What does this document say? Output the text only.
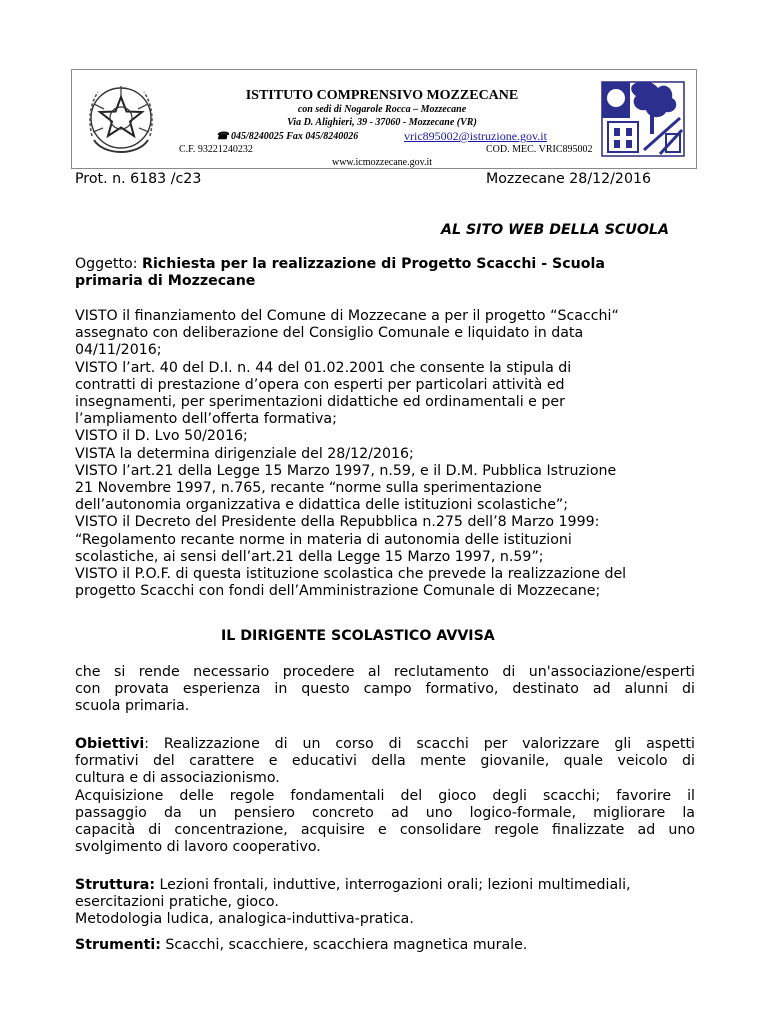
ISTITUTO COMPRENSIVO MOZZECANE
con sedi di Nogarole Rocca – Mozzecane
Via D. Alighieri, 39 - 37060 - Mozzecane (VR)
☎ 045/8240025 Fax 045/8240026	vric895002@istruzione.gov.it
C.F. 93221240232	COD. MEC. VRIC895002
www.icmozzecane.gov.it
Prot. n. 6183 /c23	Mozzecane 28/12/2016
AL SITO WEB DELLA SCUOLA
Oggetto: Richiesta per la realizzazione di Progetto Scacchi - Scuola
primaria di Mozzecane
VISTO il finanziamento del Comune di Mozzecane a per il progetto “Scacchi“
assegnato con deliberazione del Consiglio Comunale e liquidato in data
04/11/2016;
VISTO l’art. 40 del D.I. n. 44 del 01.02.2001 che consente la stipula di
contratti di prestazione d’opera con esperti per particolari attività ed
insegnamenti, per sperimentazioni didattiche ed ordinamentali e per
l’ampliamento dell’offerta formativa;
VISTO il D. Lvo 50/2016;
VISTA la determina dirigenziale del 28/12/2016;
VISTO l’art.21 della Legge 15 Marzo 1997, n.59, e il D.M. Pubblica Istruzione
21 Novembre 1997, n.765, recante “norme sulla sperimentazione
dell’autonomia organizzativa e didattica delle istituzioni scolastiche”;
VISTO il Decreto del Presidente della Repubblica n.275 dell’8 Marzo 1999:
“Regolamento recante norme in materia di autonomia delle istituzioni
scolastiche, ai sensi dell’art.21 della Legge 15 Marzo 1997, n.59”;
VISTO il P.O.F. di questa istituzione scolastica che prevede la realizzazione del
progetto Scacchi con fondi dell’Amministrazione Comunale di Mozzecane;
IL DIRIGENTE SCOLASTICO AVVISA
che si rende necessario procedere al reclutamento di un'associazione/esperti
con provata esperienza in questo campo formativo, destinato ad alunni di
scuola primaria.
Obiettivi: Realizzazione di un corso di scacchi per valorizzare gli aspetti
formativi del carattere e educativi della mente giovanile, quale veicolo di
cultura e di associazionismo.
Acquisizione delle regole fondamentali del gioco degli scacchi; favorire il
passaggio da un pensiero concreto ad uno logico-formale, migliorare la
capacità di concentrazione, acquisire e consolidare regole finalizzate ad uno
svolgimento di lavoro cooperativo.
Struttura: Lezioni frontali, induttive, interrogazioni orali; lezioni multimediali,
esercitazioni pratiche, gioco.
Metodologia ludica, analogica-induttiva-pratica.
Strumenti: Scacchi, scacchiere, scacchiera magnetica murale.
